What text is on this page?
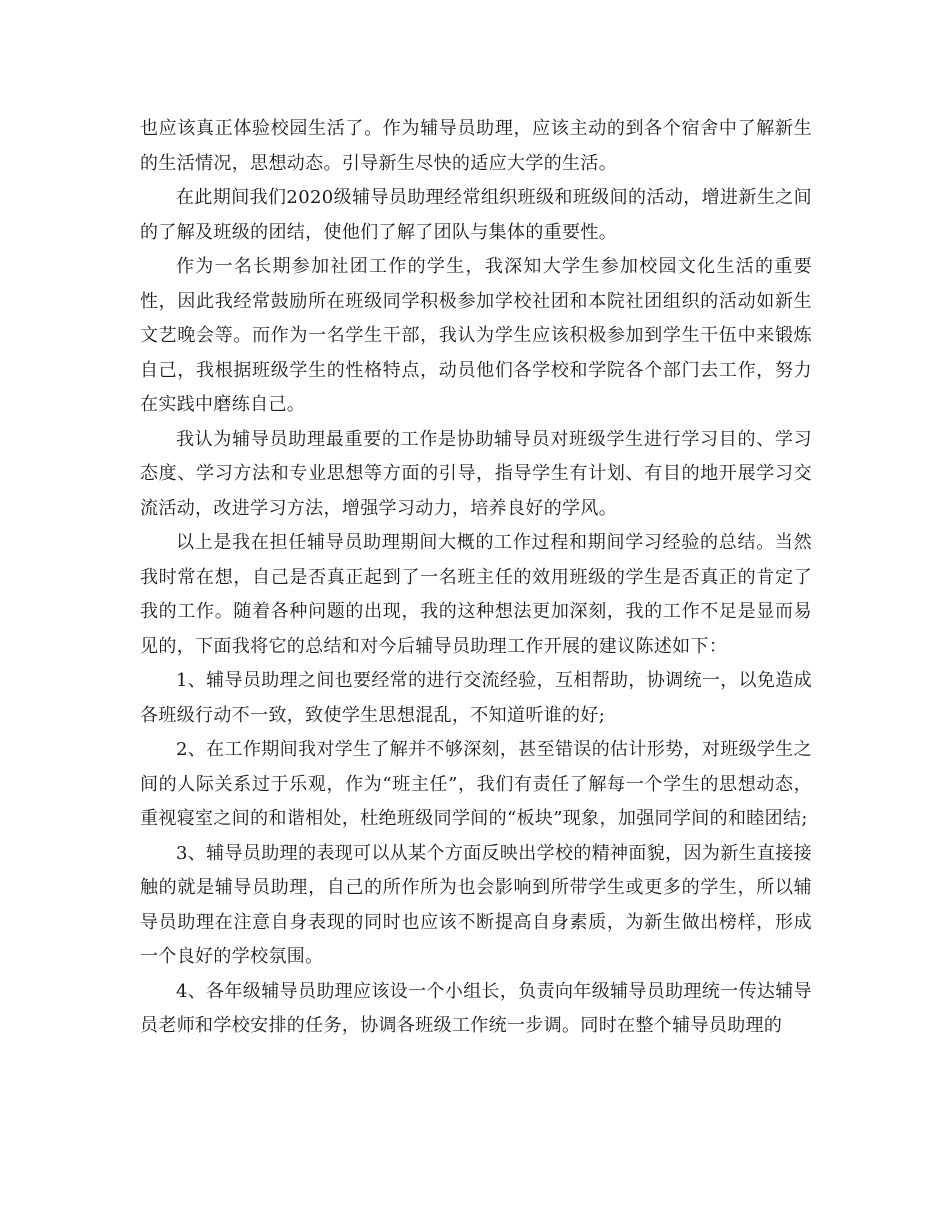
也应该真正体验校园生活了。作为辅导员助理，应该主动的到各个宿舍中了解新生的生活情况，思想动态。引导新生尽快的适应大学的生活。

在此期间我们2020级辅导员助理经常组织班级和班级间的活动，增进新生之间的了解及班级的团结，使他们了解了团队与集体的重要性。

作为一名长期参加社团工作的学生，我深知大学生参加校园文化生活的重要性，因此我经常鼓励所在班级同学积极参加学校社团和本院社团组织的活动如新生文艺晚会等。而作为一名学生干部，我认为学生应该积极参加到学生干伍中来锻炼自己，我根据班级学生的性格特点，动员他们各学校和学院各个部门去工作，努力在实践中磨练自己。

我认为辅导员助理最重要的工作是协助辅导员对班级学生进行学习目的、学习态度、学习方法和专业思想等方面的引导，指导学生有计划、有目的地开展学习交流活动，改进学习方法，增强学习动力，培养良好的学风。

以上是我在担任辅导员助理期间大概的工作过程和期间学习经验的总结。当然我时常在想，自己是否真正起到了一名班主任的效用班级的学生是否真正的肯定了我的工作。随着各种问题的出现，我的这种想法更加深刻，我的工作不足是显而易见的，下面我将它的总结和对今后辅导员助理工作开展的建议陈述如下：

1、辅导员助理之间也要经常的进行交流经验，互相帮助，协调统一，以免造成各班级行动不一致，致使学生思想混乱，不知道听谁的好;

2、在工作期间我对学生了解并不够深刻，甚至错误的估计形势，对班级学生之间的人际关系过于乐观，作为“班主任”，我们有责任了解每一个学生的思想动态，重视寝室之间的和谐相处，杜绝班级同学间的“板块”现象，加强同学间的和睦团结;

3、辅导员助理的表现可以从某个方面反映出学校的精神面貌，因为新生直接接触的就是辅导员助理，自己的所作所为也会影响到所带学生或更多的学生，所以辅导员助理在注意自身表现的同时也应该不断提高自身素质，为新生做出榜样，形成一个良好的学校氛围。

4、各年级辅导员助理应该设一个小组长，负责向年级辅导员助理统一传达辅导员老师和学校安排的任务，协调各班级工作统一步调。同时在整个辅导员助理的
